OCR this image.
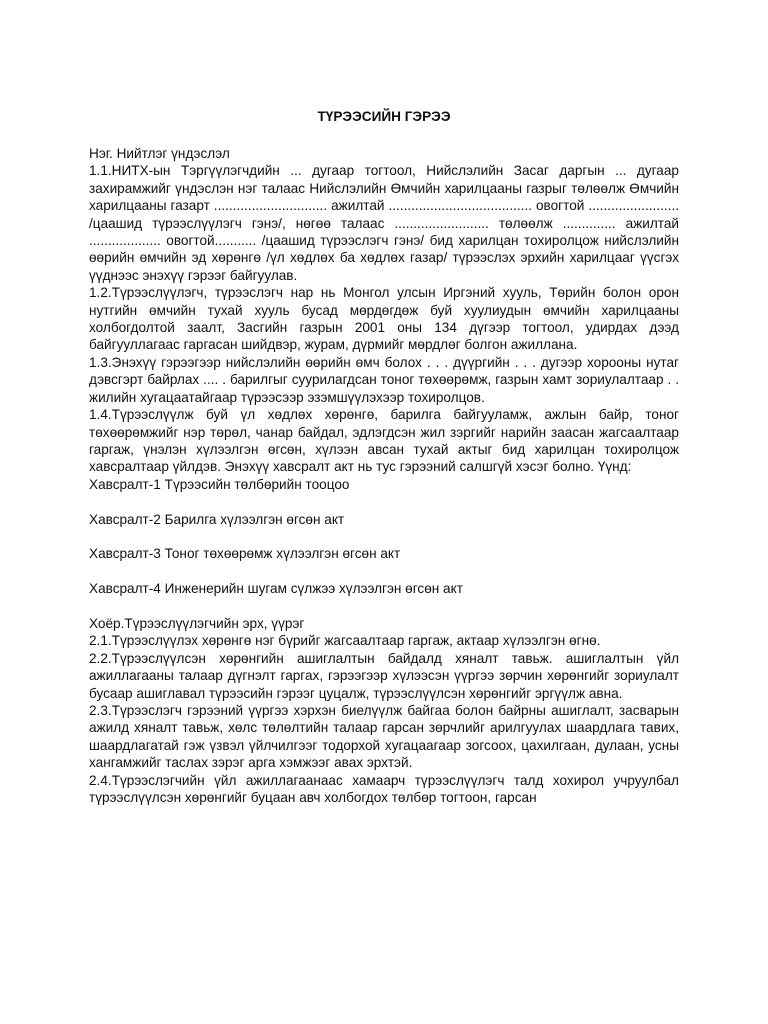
ТҮРЭЭСИЙН ГЭРЭЭ

Нэг. Нийтлэг үндэслэл

1.1.НИТХ-ын Тэргүүлэгчдийн ... дугаар тогтоол, Нийслэлийн Засаг даргын ... дугаар захирамжийг үндэслэн нэг талаас Нийслэлийн Өмчийн харилцааны газрыг төлөөлж Өмчийн харилцааны газарт .............................. ажилтай ...................................... овогтой ........................ /цаашид түрээслүүлэгч гэнэ/, нөгөө талаас ......................... төлөөлж .............. ажилтай ................... овогтой........... /цаашид түрээслэгч гэнэ/ бид харилцан тохиролцож нийслэлийн өөрийн өмчийн эд хөрөнгө /үл хөдлөх ба хөдлөх газар/ түрээслэх эрхийн харилцааг үүсгэх үүднээс энэхүү гэрээг байгуулав.

1.2.Түрээслүүлэгч, түрээслэгч нар нь Монгол улсын Иргэний хууль, Төрийн болон орон нутгийн өмчийн тухай хууль бусад мөрдөгдөж буй хуулиудын өмчийн харилцааны холбогдолтой заалт, Засгийн газрын 2001 оны 134 дүгээр тогтоол, удирдах дээд байгууллагаас гаргасан шийдвэр, журам, дүрмийг мөрдлөг болгон ажиллана.

1.3.Энэхүү гэрээгээр нийслэлийн өөрийн өмч болох . . . дүүргийн . . . дугээр хорооны нутаг дэвсгэрт байрлах .... . барилгыг суурилагдсан тоног төхөөрөмж, газрын хамт зориулалтаар . . жилийн хугацаатайгаар түрээсээр эзэмшүүлэхээр тохиролцов.

1.4.Түрээслүүлж буй үл хөдлөх хөрөнгө, барилга байгууламж, ажлын байр, тоног төхөөрөмжийг нэр төрөл, чанар байдал, эдлэгдсэн жил зэргийг нарийн заасан жагсаалтаар гаргаж, үнэлэн хүлээлгэн өгсөн, хүлээн авсан тухай актыг бид харилцан тохиролцож хавсралтаар үйлдэв. Энэхүү хавсралт акт нь тус гэрээний салшгүй хэсэг болно. Үүнд:

Хавсралт-1 Түрээсийн төлбөрийн тооцоо

Хавсралт-2 Барилга хүлээлгэн өгсөн акт

Хавсралт-3 Тоног төхөөрөмж хүлээлгэн өгсөн акт

Хавсралт-4 Инженерийн шугам сүлжээ хүлээлгэн өгсөн акт

Хоёр.Түрээслүүлэгчийн эрх, үүрэг

2.1.Түрээслүүлэх хөрөнгө нэг бүрийг жагсаалтаар гаргаж, актаар хүлээлгэн өгнө.

2.2.Түрээслүүлсэн хөрөнгийн ашиглалтын байдалд хяналт тавьж. ашиглалтын үйл ажиллагааны талаар дүгнэлт гаргах, гэрээгээр хүлээсэн үүргээ зөрчин хөрөнгийг зориулалт бусаар ашиглавал түрээсийн гэрээг цуцалж, түрээслүүлсэн хөрөнгийг эргүүлж авна.

2.3.Түрээслэгч гэрээний үүргээ хэрхэн биелүүлж байгаа болон байрны ашиглалт, засварын ажилд хяналт тавьж, хөлс төлөлтийн талаар гарсан зөрчлийг арилгуулах шаардлага тавих, шаардлагатай гэж үзвэл үйлчилгээг тодорхой хугацаагаар зогсоох, цахилгаан, дулаан, усны хангамжийг таслах зэрэг арга хэмжээг авах эрхтэй.

2.4.Түрээслэгчийн үйл ажиллагаанаас хамаарч түрээслүүлэгч талд хохирол учруулбал түрээслүүлсэн хөрөнгийг буцаан авч холбогдох төлбөр тогтоон, гарсан
